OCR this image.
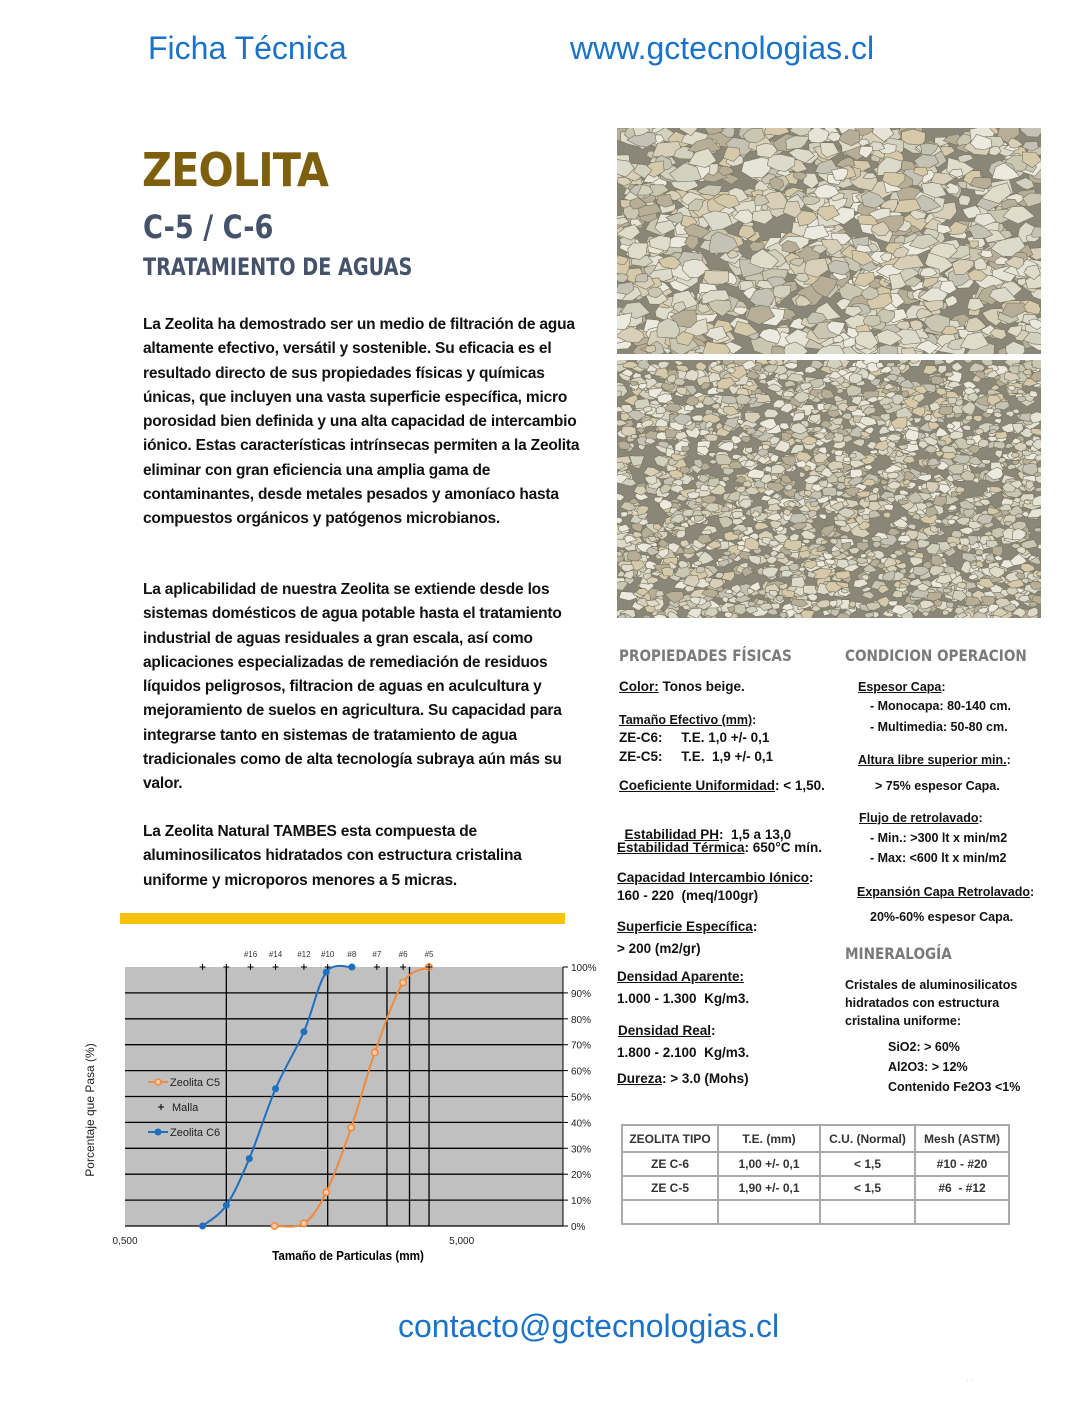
Ficha Técnica	www.gctecnologias.cl
ZEOLITA
C-5 / C-6
TRATAMIENTO DE AGUAS

La Zeolita ha demostrado ser un medio de filtración de agua altamente efectivo, versátil y sostenible. Su eficacia es el resultado directo de sus propiedades físicas y químicas únicas, que incluyen una vasta superficie específica, micro porosidad bien definida y una alta capacidad de intercambio iónico. Estas características intrínsecas permiten a la Zeolita eliminar con gran eficiencia una amplia gama de contaminantes, desde metales pesados y amoníaco hasta compuestos orgánicos y patógenos microbianos.

La aplicabilidad de nuestra Zeolita se extiende desde los sistemas domésticos de agua potable hasta el tratamiento industrial de aguas residuales a gran escala, así como aplicaciones especializadas de remediación de residuos líquidos peligrosos, filtracion de aguas en aculcultura y mejoramiento de suelos en agricultura. Su capacidad para integrarse tanto en sistemas de tratamiento de agua tradicionales como de alta tecnología subraya aún más su valor.

La Zeolita Natural TAMBES esta compuesta de aluminosilicatos hidratados con estructura cristalina uniforme y microporos menores a 5 micras.

PROPIEDADES FÍSICAS
Color: Tonos beige.
Tamaño Efectivo (mm):
ZE-C6:     T.E. 1,0 +/- 0,1
ZE-C5:     T.E.  1,9 +/- 0,1
Coeficiente Uniformidad: < 1,50.

Estabilidad PH:  1,5 a 13,0

Estabilidad Térmica: 650°C mín.
Capacidad Intercambio Iónico:
160 - 220  (meq/100gr)
Superficie Específica:
> 200 (m2/gr)
Densidad Aparente:
1.000 - 1.300  Kg/m3.
Densidad Real:
1.800 - 2.100  Kg/m3.
Dureza: > 3.0 (Mohs)
CONDICION OPERACION
Espesor Capa:
- Monocapa: 80-140 cm.
- Multimedia: 50-80 cm.
Altura libre superior min.:
> 75% espesor Capa.
Flujo de retrolavado:
- Min.: >300 lt x min/m2
- Max: <600 lt x min/m2
Expansión Capa Retrolavado:
20%-60% espesor Capa.
MINERALOGÍA
Cristales de aluminosilicatos
hidratados con estructura
cristalina uniforme:
SiO2: > 60%
Al2O3: > 12%
Contenido Fe2O3 <1%
ZEOLITA TIPO	T.E. (mm)	C.U. (Normal)	Mesh (ASTM)
ZE C-6	1,00 +/- 0,1	< 1,5	#10 - #20
ZE C-5	1,90 +/- 0,1	< 1,5	#6  - #12

0%
10%
20%
30%
40%
50%
60%
70%
80%
90%
100%
0,500	5,000
#16 #14 #12 #10 #8 #7 #6 #5
Zeolita C5
Malla
Zeolita C6
Tamaño de Particulas (mm)
Porcentaje que Pasa (%)
contacto@gctecnologias.cl
· ·
